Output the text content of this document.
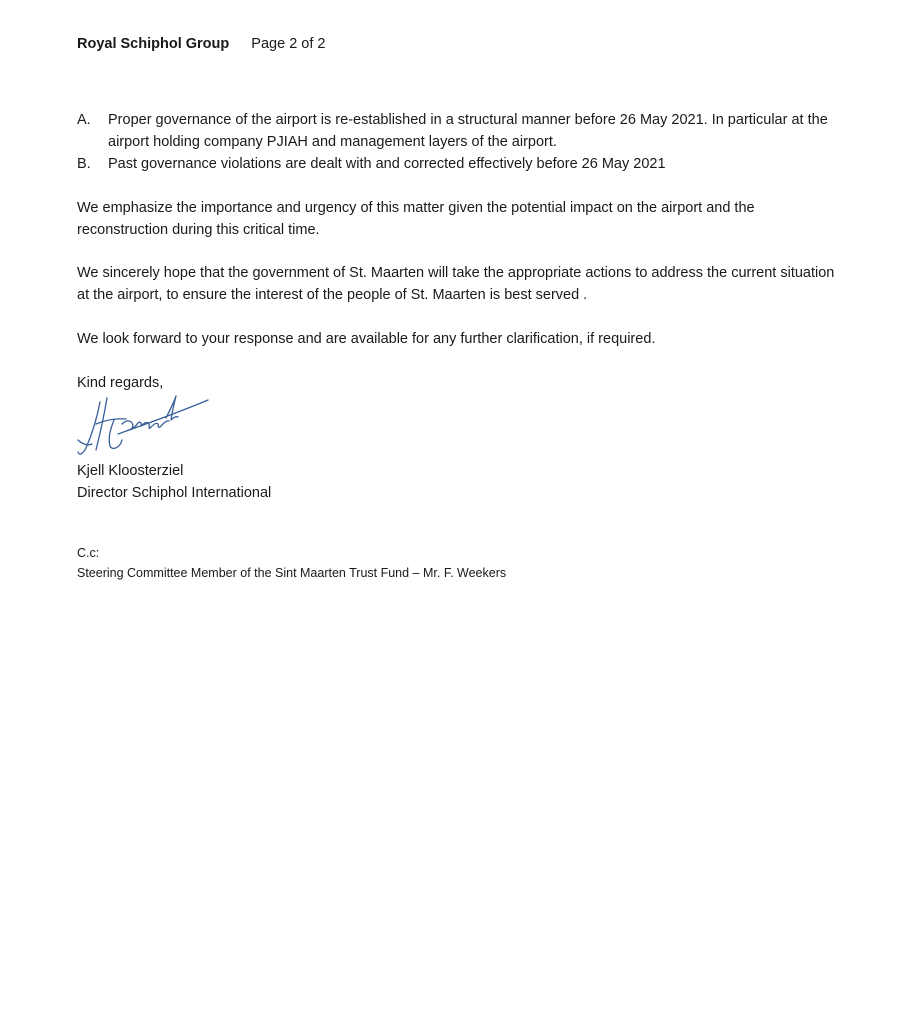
Royal Schiphol Group Page 2 of 2
A.	Proper governance of the airport is re-established in a structural manner before 26 May 2021. In particular at the airport holding company PJIAH and management layers of the airport.
B.	Past governance violations are dealt with and corrected effectively before 26 May 2021
We emphasize the importance and urgency of this matter given the potential impact on the airport and the reconstruction during this critical time.
We sincerely hope that the government of St. Maarten will take the appropriate actions to address the current situation at the airport, to ensure the interest of the people of St. Maarten is best served .
We look forward to your response and are available for any further clarification, if required.
Kind regards,
Kjell Kloosterziel
Director Schiphol International
C.c:
Steering Committee Member of the Sint Maarten Trust Fund – Mr. F. Weekers
